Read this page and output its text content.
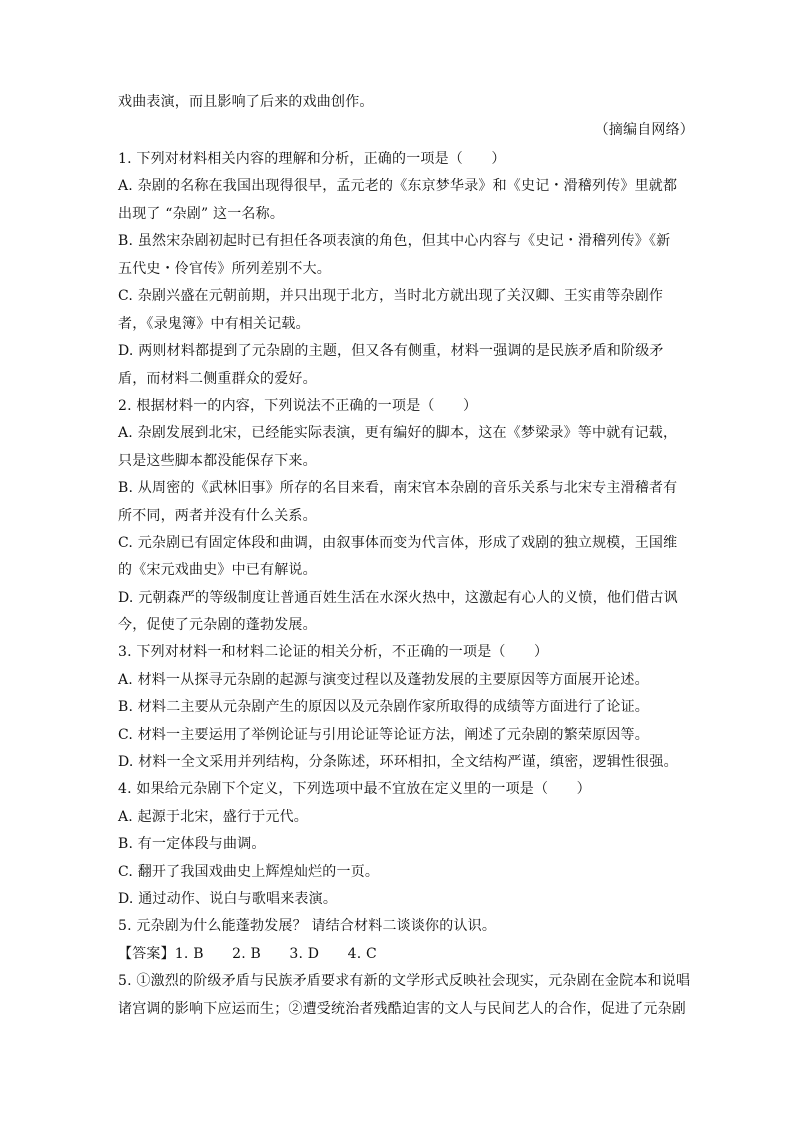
戏曲表演，而且影响了后来的戏曲创作。
（摘编自网络）
1. 下列对材料相关内容的理解和分析，正确的一项是（　　）
A. 杂剧的名称在我国出现得很早，孟元老的《东京梦华录》和《史记・滑稽列传》里就都
出现了 “杂剧” 这一名称。
B. 虽然宋杂剧初起时已有担任各项表演的角色，但其中心内容与《史记・滑稽列传》《新
五代史・伶官传》所列差别不大。
C. 杂剧兴盛在元朝前期，并只出现于北方，当时北方就出现了关汉卿、王实甫等杂剧作
者，《录鬼簿》中有相关记载。
D. 两则材料都提到了元杂剧的主题，但又各有侧重，材料一强调的是民族矛盾和阶级矛
盾，而材料二侧重群众的爱好。
2. 根据材料一的内容，下列说法不正确的一项是（　　）
A. 杂剧发展到北宋，已经能实际表演，更有编好的脚本，这在《梦梁录》等中就有记载，
只是这些脚本都没能保存下来。
B. 从周密的《武林旧事》所存的名目来看，南宋官本杂剧的音乐关系与北宋专主滑稽者有
所不同，两者并没有什么关系。
C. 元杂剧已有固定体段和曲调，由叙事体而变为代言体，形成了戏剧的独立规模，王国维
的《宋元戏曲史》中已有解说。
D. 元朝森严的等级制度让普通百姓生活在水深火热中，这激起有心人的义愤，他们借古讽
今，促使了元杂剧的蓬勃发展。
3. 下列对材料一和材料二论证的相关分析，不正确的一项是（　　）
A. 材料一从探寻元杂剧的起源与演变过程以及蓬勃发展的主要原因等方面展开论述。
B. 材料二主要从元杂剧产生的原因以及元杂剧作家所取得的成绩等方面进行了论证。
C. 材料一主要运用了举例论证与引用论证等论证方法，阐述了元杂剧的繁荣原因等。
D. 材料一全文采用并列结构，分条陈述，环环相扣，全文结构严谨，缜密，逻辑性很强。
4. 如果给元杂剧下个定义，下列选项中最不宜放在定义里的一项是（　　）
A. 起源于北宋，盛行于元代。
B. 有一定体段与曲调。
C. 翻开了我国戏曲史上辉煌灿烂的一页。
D. 通过动作、说白与歌唱来表演。
5. 元杂剧为什么能蓬勃发展？ 请结合材料二谈谈你的认识。
【答案】1. B　　2. B　　3. D　　4. C
5. ①激烈的阶级矛盾与民族矛盾要求有新的文学形式反映社会现实，元杂剧在金院本和说唱
诸宫调的影响下应运而生；②遭受统治者残酷迫害的文人与民间艺人的合作，促进了元杂剧
